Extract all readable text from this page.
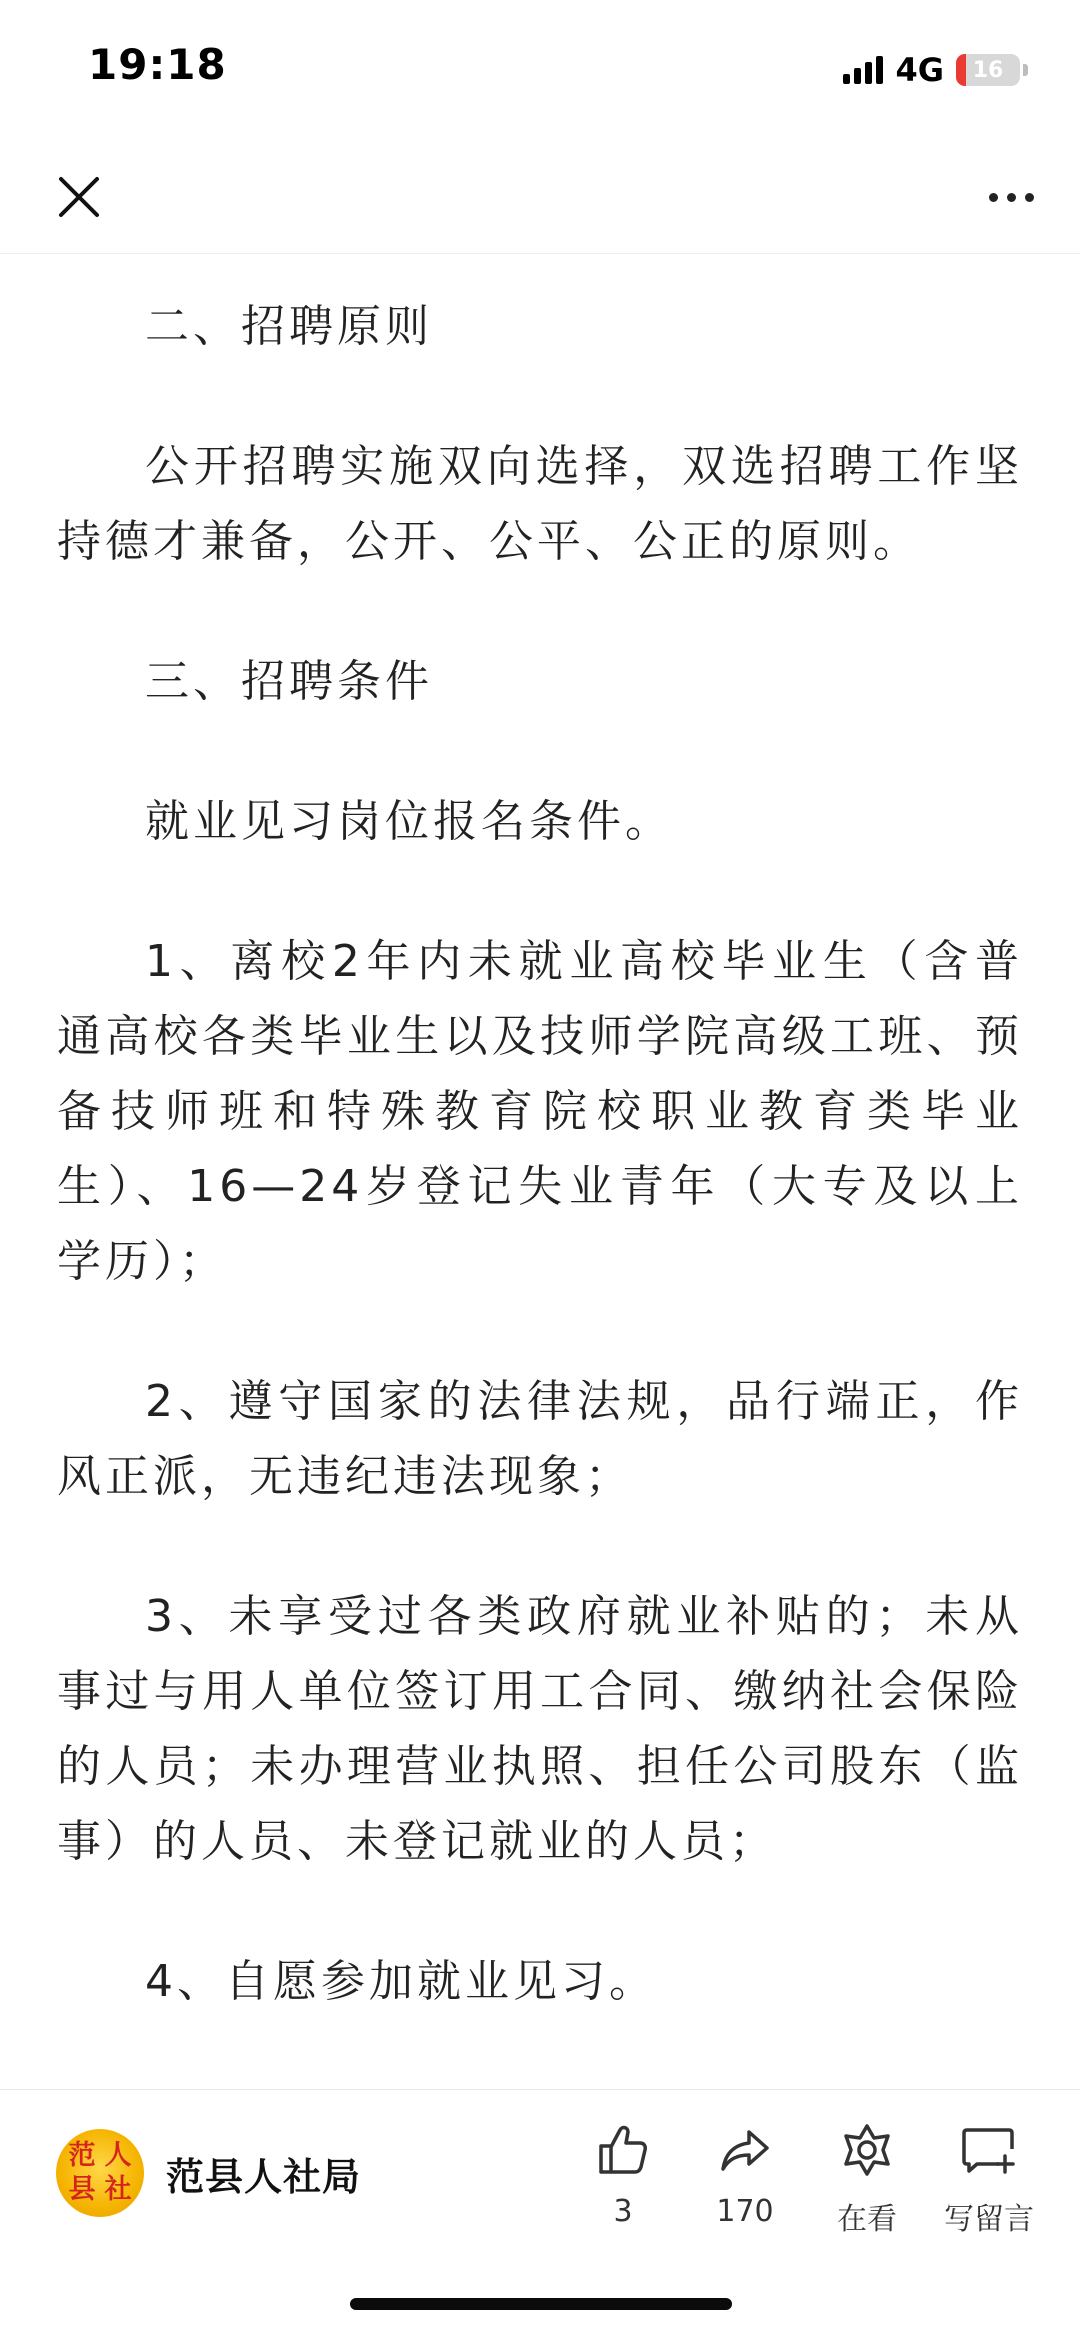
19:18	4G 16

二、招聘原则

公开招聘实施双向选择，双选招聘工作坚持德才兼备，公开、公平、公正的原则。

三、招聘条件

就业见习岗位报名条件。

1、离校2年内未就业高校毕业生（含普通高校各类毕业生以及技师学院高级工班、预备技师班和特殊教育院校职业教育类毕业生）、16—24岁登记失业青年（大专及以上学历）；

2、遵守国家的法律法规，品行端正，作风正派，无违纪违法现象；

3、未享受过各类政府就业补贴的；未从事过与用人单位签订用工合同、缴纳社会保险的人员；未办理营业执照、担任公司股东（监事）的人员、未登记就业的人员；

4、自愿参加就业见习。

范 人
县 社 范县人社局
3	170 在看 写留言
